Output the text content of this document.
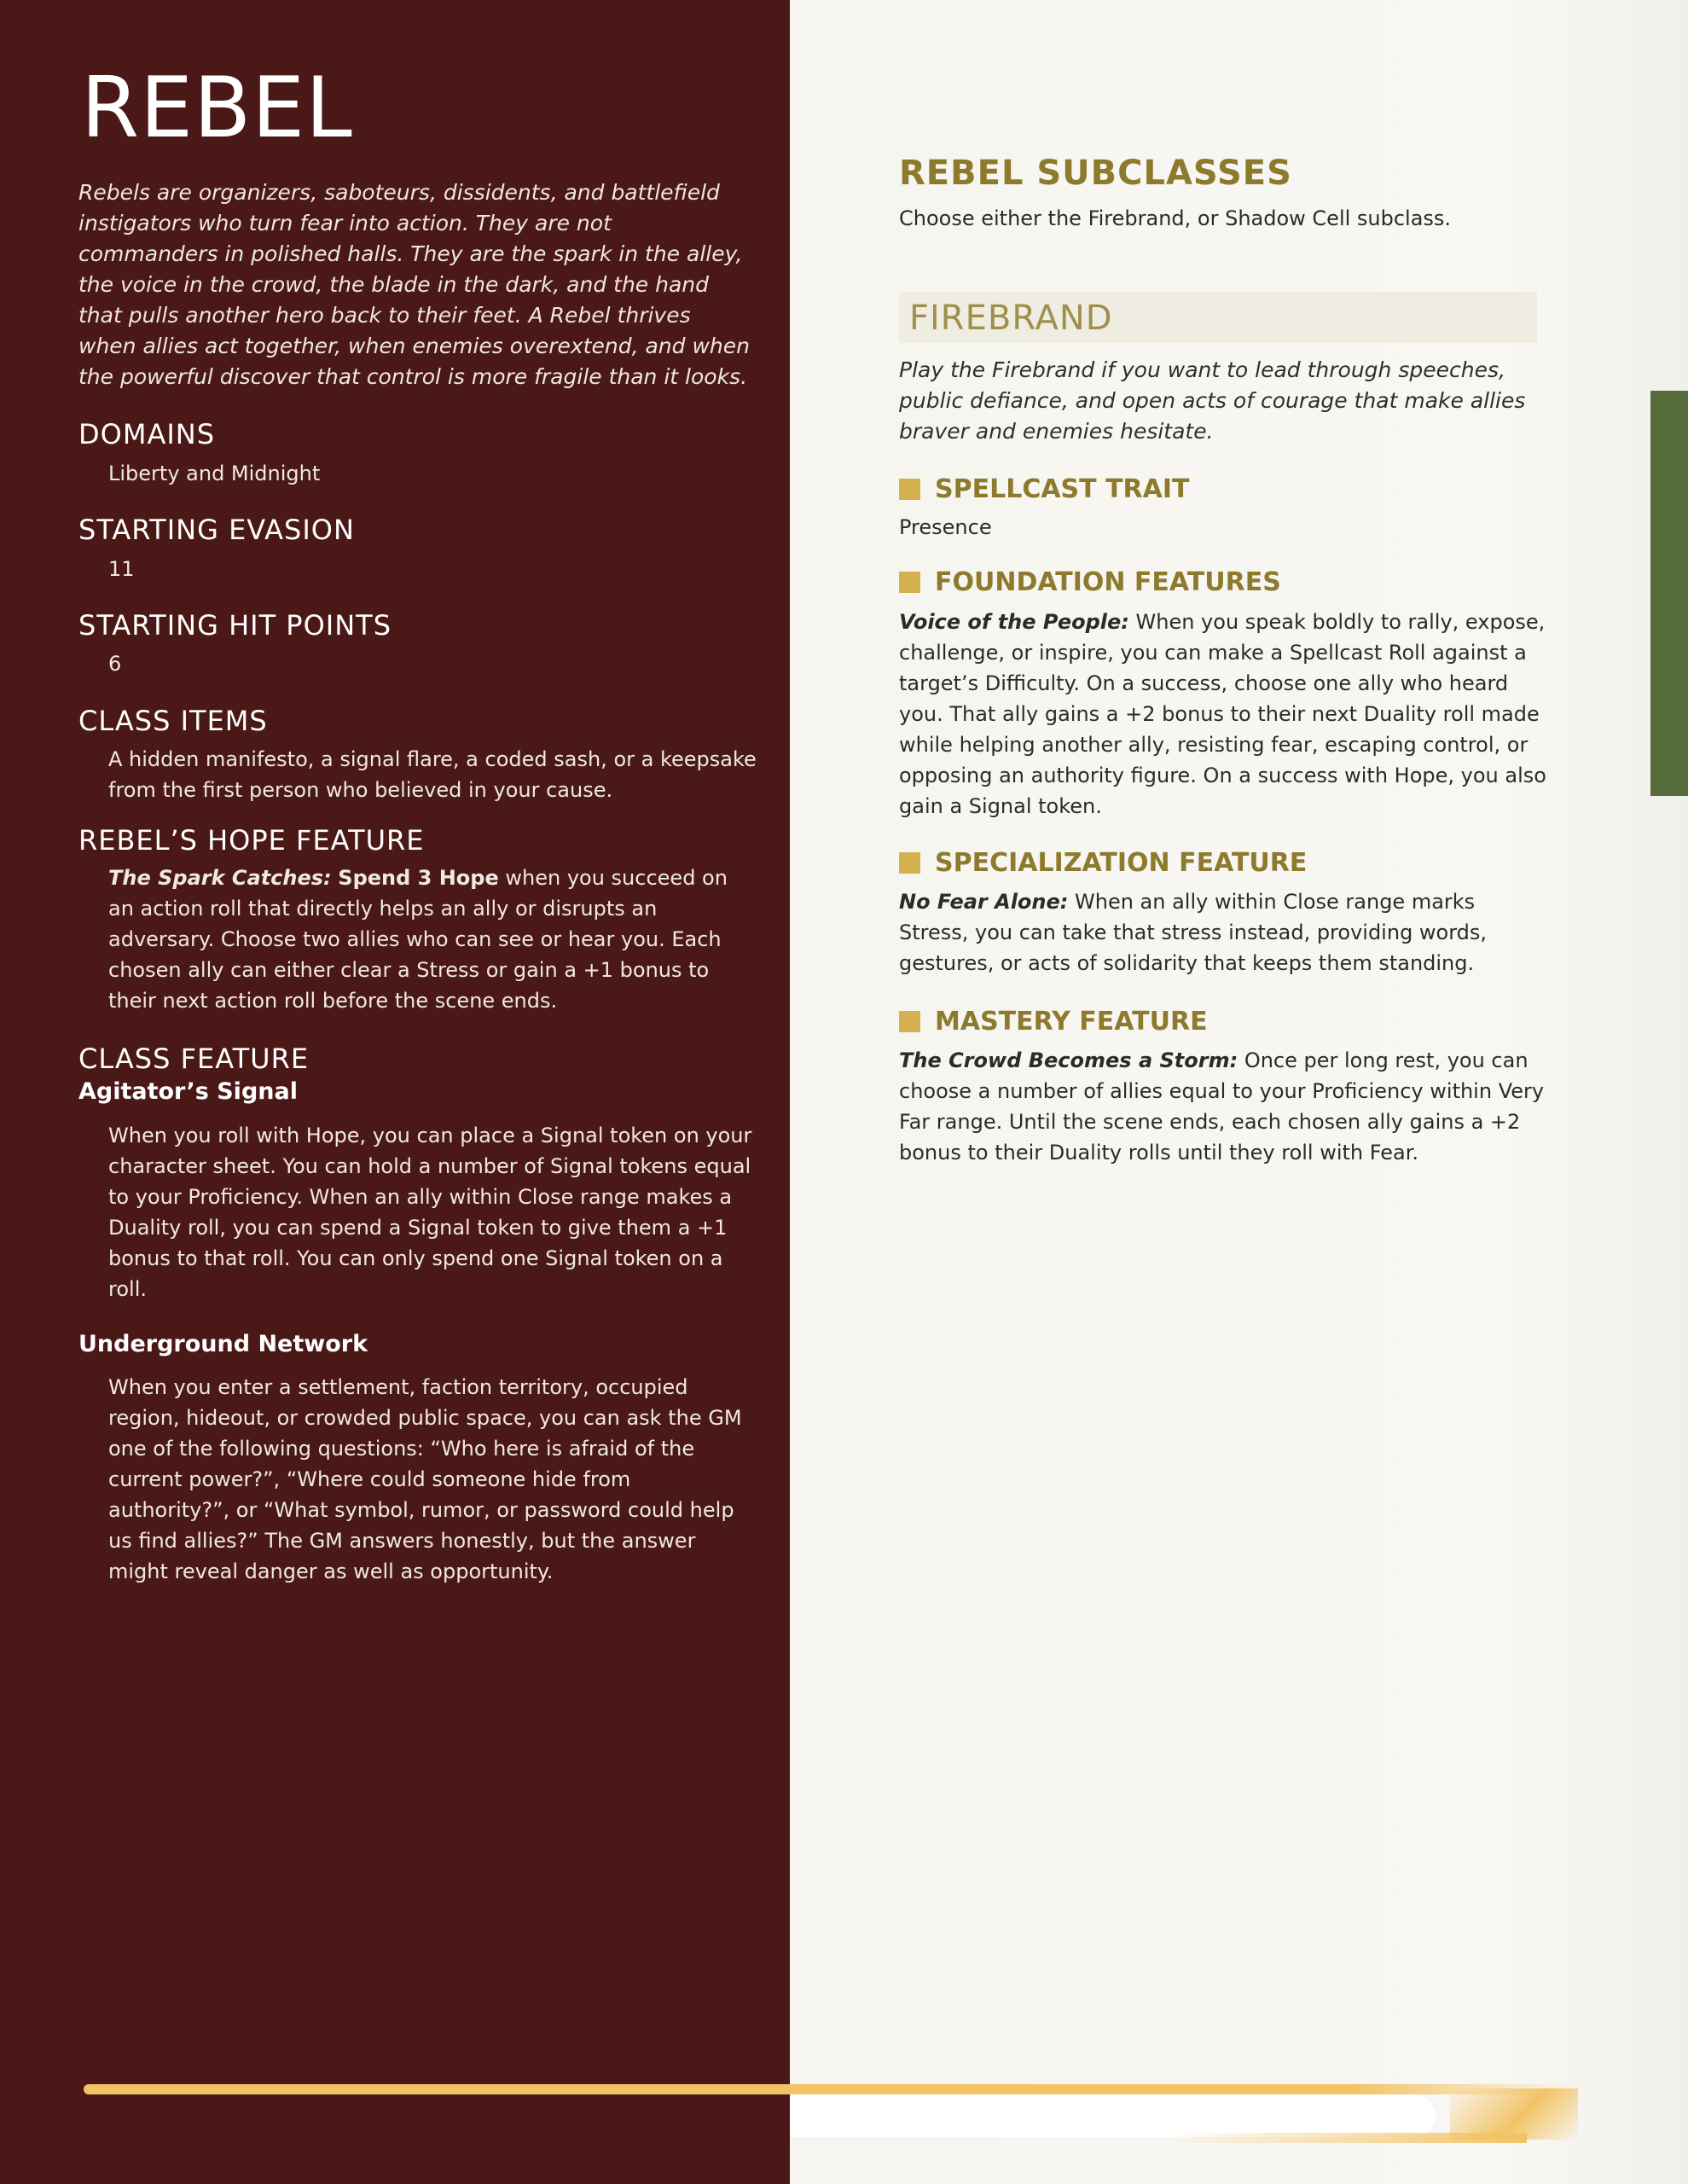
REBEL

Rebels are organizers, saboteurs, dissidents, and battlefield instigators who turn fear into action. They are not commanders in polished halls. They are the spark in the alley, the voice in the crowd, the blade in the dark, and the hand that pulls another hero back to their feet. A Rebel thrives when allies act together, when enemies overextend, and when the powerful discover that control is more fragile than it looks.

DOMAINS
Liberty and Midnight
STARTING EVASION
11
STARTING HIT POINTS
6
CLASS ITEMS
A hidden manifesto, a signal flare, a coded sash, or a keepsake from the first person who believed in your cause.
REBEL’S HOPE FEATURE
The Spark Catches: Spend 3 Hope when you succeed on an action roll that directly helps an ally or disrupts an adversary. Choose two allies who can see or hear you. Each chosen ally can either clear a Stress or gain a +1 bonus to their next action roll before the scene ends.
CLASS FEATURE
Agitator’s Signal
When you roll with Hope, you can place a Signal token on your character sheet. You can hold a number of Signal tokens equal to your Proficiency. When an ally within Close range makes a Duality roll, you can spend a Signal token to give them a +1 bonus to that roll. You can only spend one Signal token on a roll.
Underground Network
When you enter a settlement, faction territory, occupied region, hideout, or crowded public space, you can ask the GM one of the following questions: “Who here is afraid of the current power?”, “Where could someone hide from authority?”, or “What symbol, rumor, or password could help us find allies?” The GM answers honestly, but the answer might reveal danger as well as opportunity.
REBEL SUBCLASSES

Choose either the Firebrand, or Shadow Cell subclass.

FIREBRAND

Play the Firebrand if you want to lead through speeches, public defiance, and open acts of courage that make allies braver and enemies hesitate.

SPELLCAST TRAIT
Presence
FOUNDATION FEATURES
Voice of the People: When you speak boldly to rally, expose, challenge, or inspire, you can make a Spellcast Roll against a target’s Difficulty. On a success, choose one ally who heard you. That ally gains a +2 bonus to their next Duality roll made while helping another ally, resisting fear, escaping control, or opposing an authority figure. On a success with Hope, you also gain a Signal token.
SPECIALIZATION FEATURE
No Fear Alone: When an ally within Close range marks Stress, you can take that stress instead, providing words, gestures, or acts of solidarity that keeps them standing.
MASTERY FEATURE
The Crowd Becomes a Storm: Once per long rest, you can choose a number of allies equal to your Proficiency within Very Far range. Until the scene ends, each chosen ally gains a +2 bonus to their Duality rolls until they roll with Fear.
